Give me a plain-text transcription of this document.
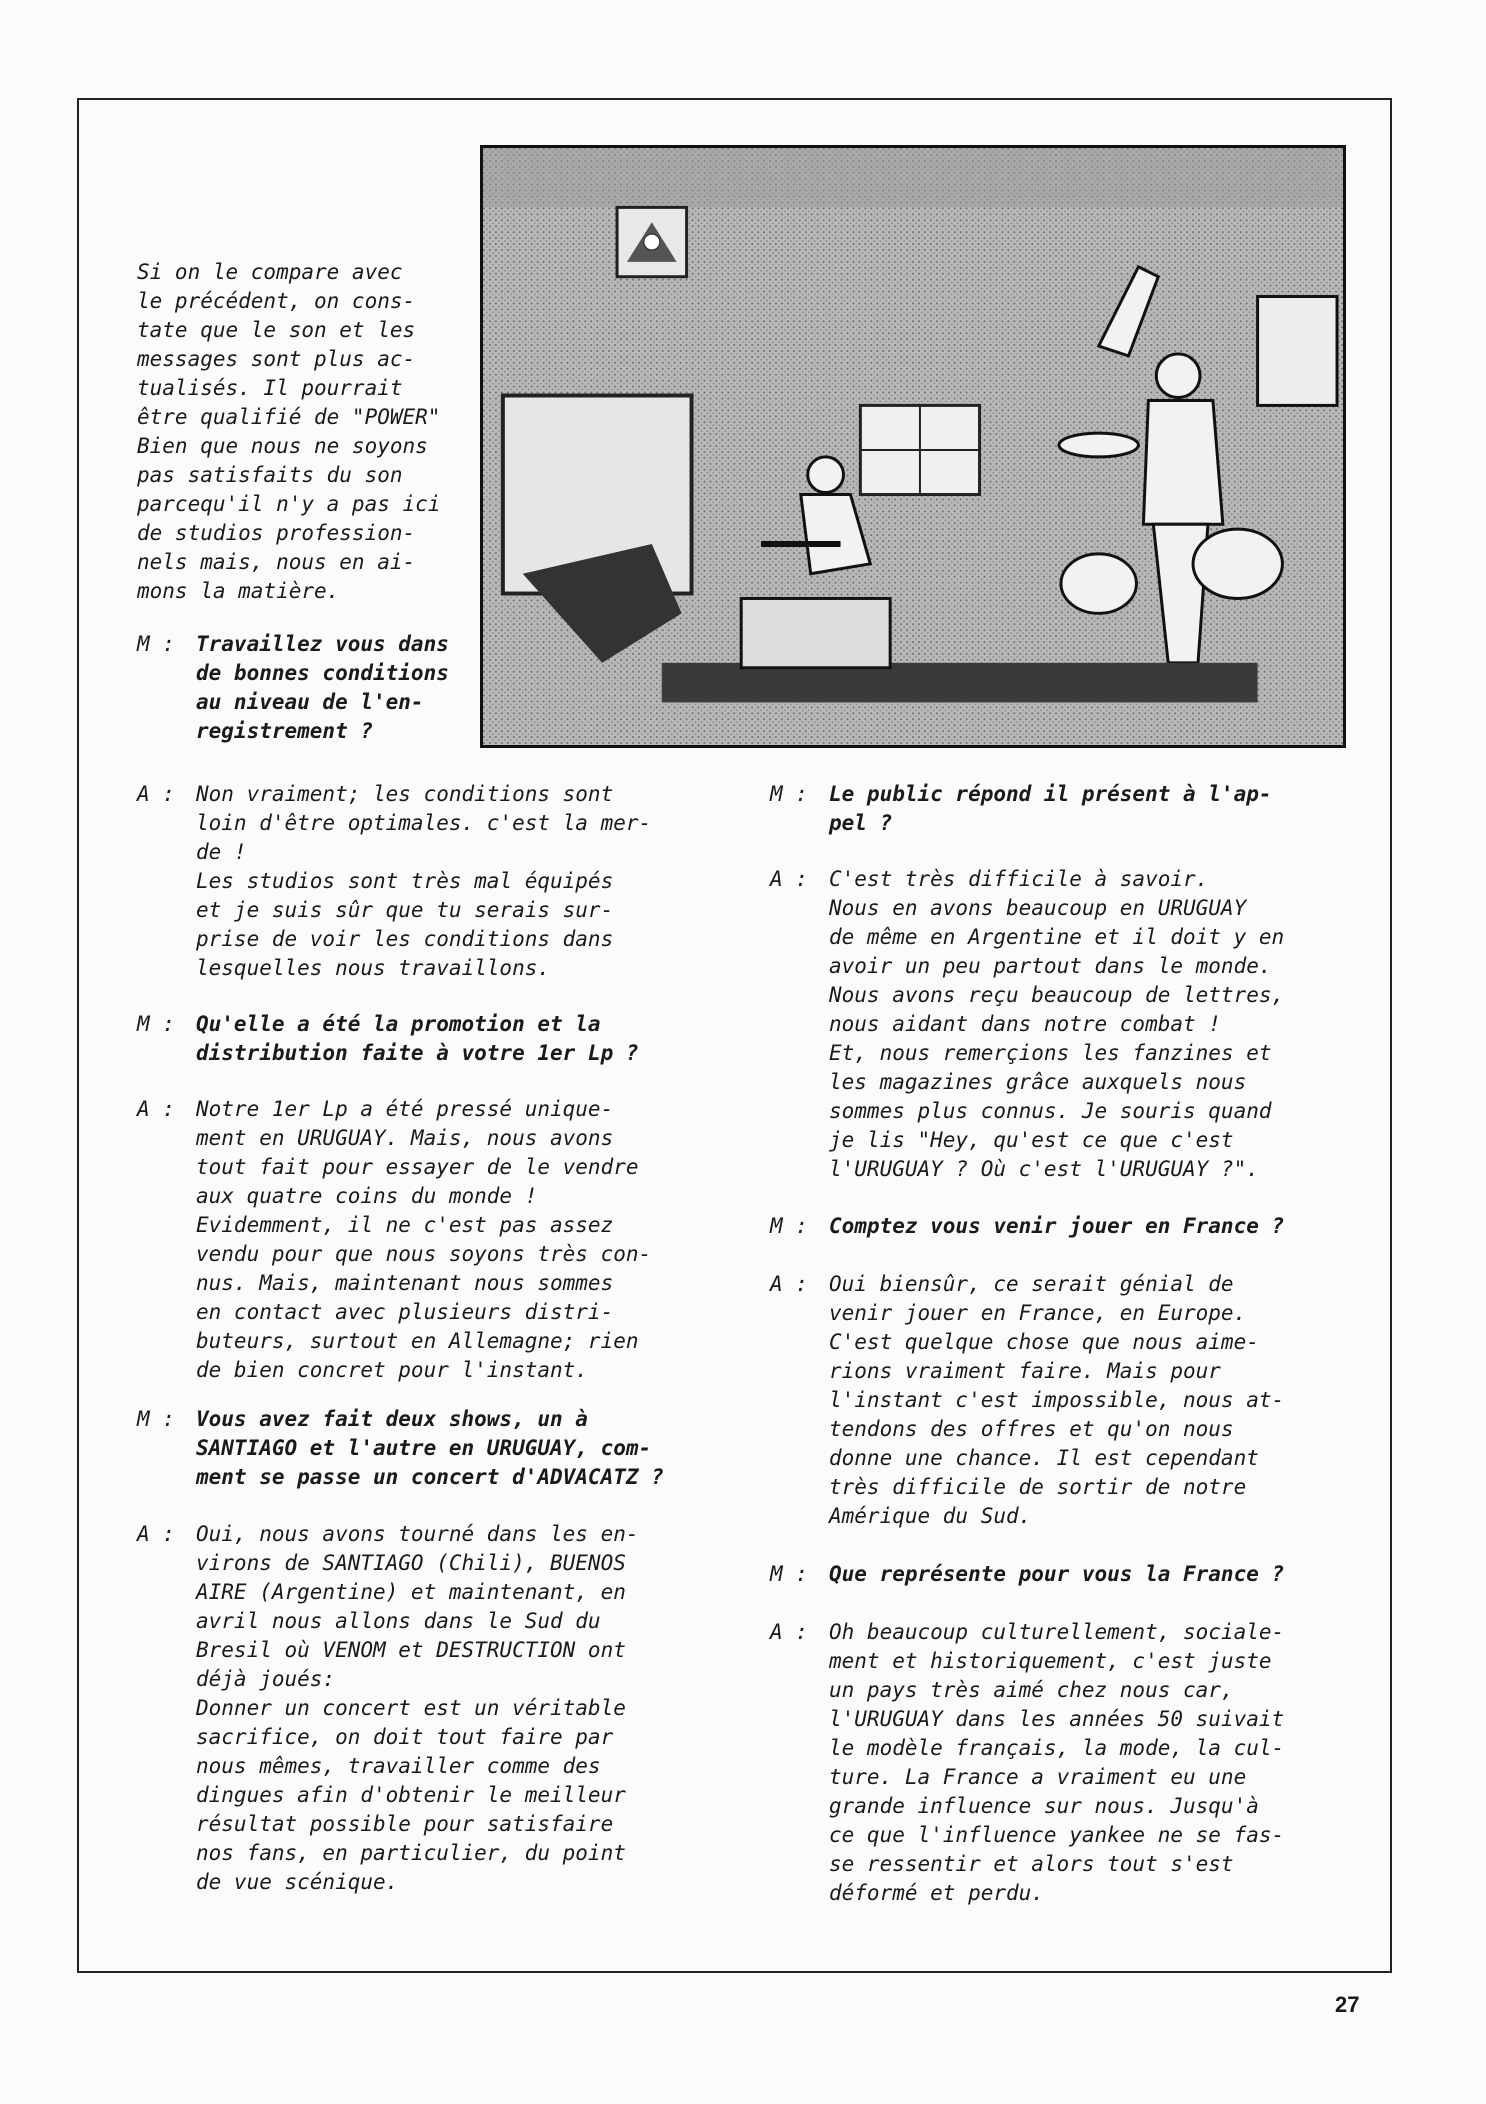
Si on le compare avec
le précédent, on cons-
tate que le son et les
messages sont plus ac-
tualisés. Il pourrait
être qualifié de "POWER"
Bien que nous ne soyons
pas satisfaits du son
parcequ'il n'y a pas ici
de studios profession-
nels mais, nous en ai-
mons la matière.
M : Travaillez vous dans
de bonnes conditions
au niveau de l'en-
registrement ?
A : Non vraiment; les conditions sont
loin d'être optimales. c'est la mer-
de !
Les studios sont très mal équipés
et je suis sûr que tu serais sur-
prise de voir les conditions dans
lesquelles nous travaillons.
M : Qu'elle a été la promotion et la
distribution faite à votre 1er Lp ?
A : Notre 1er Lp a été pressé unique-
ment en URUGUAY. Mais, nous avons
tout fait pour essayer de le vendre
aux quatre coins du monde !
Evidemment, il ne c'est pas assez
vendu pour que nous soyons très con-
nus. Mais, maintenant nous sommes
en contact avec plusieurs distri-
buteurs, surtout en Allemagne; rien
de bien concret pour l'instant.
M : Vous avez fait deux shows, un à
SANTIAGO et l'autre en URUGUAY, com-
ment se passe un concert d'ADVACATZ ?
A : Oui, nous avons tourné dans les en-
virons de SANTIAGO (Chili), BUENOS
AIRE (Argentine) et maintenant, en
avril nous allons dans le Sud du
Bresil où VENOM et DESTRUCTION ont
déjà joués:
Donner un concert est un véritable
sacrifice, on doit tout faire par
nous mêmes, travailler comme des
dingues afin d'obtenir le meilleur
résultat possible pour satisfaire
nos fans, en particulier, du point
de vue scénique.
M : Le public répond il présent à l'ap-
pel ?
A : C'est très difficile à savoir.
Nous en avons beaucoup en URUGUAY
de même en Argentine et il doit y en
avoir un peu partout dans le monde.
Nous avons reçu beaucoup de lettres,
nous aidant dans notre combat !
Et, nous remerçions les fanzines et
les magazines grâce auxquels nous
sommes plus connus. Je souris quand
je lis "Hey, qu'est ce que c'est
l'URUGUAY ? Où c'est l'URUGUAY ?".
M : Comptez vous venir jouer en France ?
A : Oui biensûr, ce serait génial de
venir jouer en France, en Europe.
C'est quelque chose que nous aime-
rions vraiment faire. Mais pour
l'instant c'est impossible, nous at-
tendons des offres et qu'on nous
donne une chance. Il est cependant
très difficile de sortir de notre
Amérique du Sud.
M : Que représente pour vous la France ?
A : Oh beaucoup culturellement, sociale-
ment et historiquement, c'est juste
un pays très aimé chez nous car,
l'URUGUAY dans les années 50 suivait
le modèle français, la mode, la cul-
ture. La France a vraiment eu une
grande influence sur nous. Jusqu'à
ce que l'influence yankee ne se fas-
se ressentir et alors tout s'est
déformé et perdu.
27
